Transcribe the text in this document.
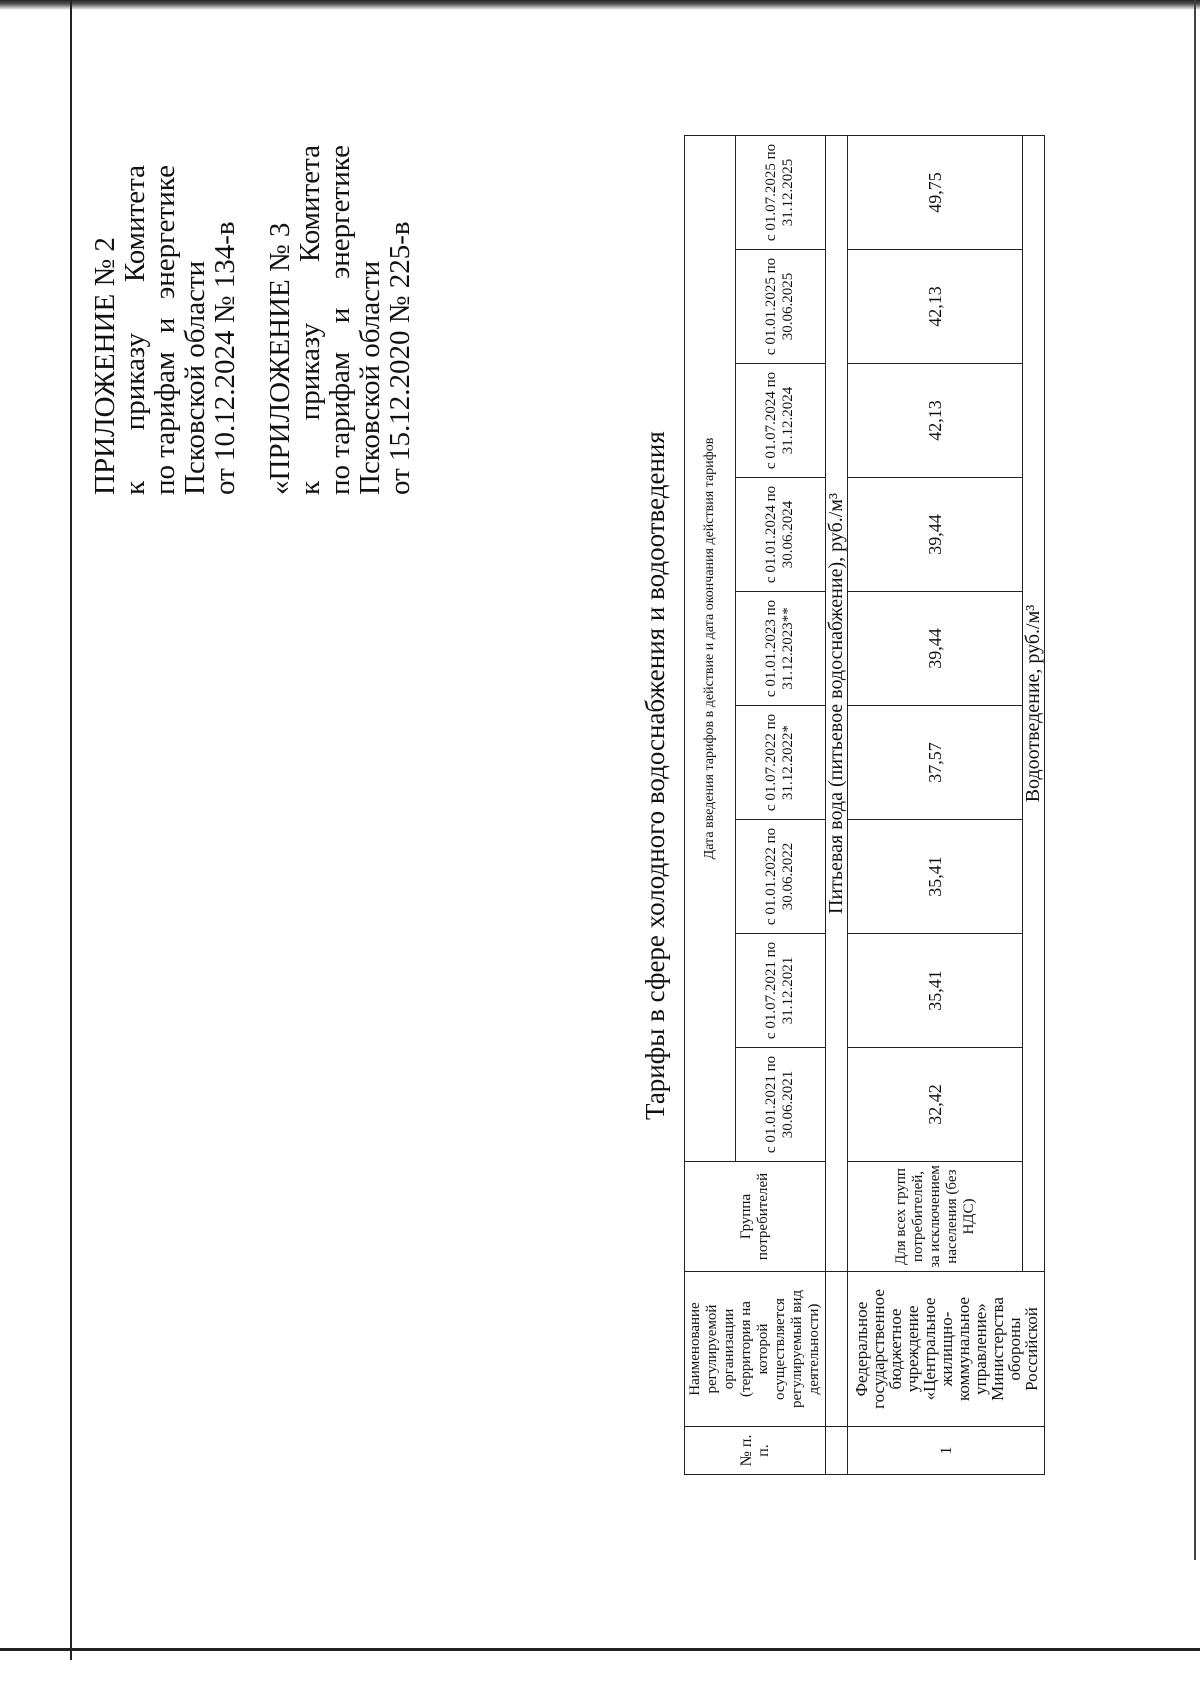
ПРИЛОЖЕНИЕ № 2
к
приказу
Комитета
по тарифам
и
энергетике
Псковской области
от 10.12.2024 № 134-в «ПРИЛОЖЕНИЕ № 3
к
приказу
Комитета
по тарифам
и
энергетике
Псковской области
от 15.12.2020 № 225-в
Тарифы в сфере холодного водоснабжения и водоотведения
№ п. п.	Наименование регулируемой организации (территория на которой осуществляется регулируемый вид деятельности)	Группа потребителей	Дата введения тарифов в действие и дата окончания действия тарифов								
			с 01.01.2021 по 30.06.2021	с 01.07.2021 по 31.12.2021	с 01.01.2022 по 30.06.2022	с 01.07.2022 по 31.12.2022*	с 01.01.2023 по 31.12.2023**	с 01.01.2024 по 30.06.2024	с 01.07.2024 по 31.12.2024	с 01.01.2025 по 30.06.2025	с 01.07.2025 по 31.12.2025
		Питьевая вода (питьевое водоснабжение), руб./м³									
1	Федеральное государственное бюджетное учреждение «Центральное жилищно-коммунальное управление» Министерства обороны Российской	Для всех групп потребителей, за исключением населения (без НДС)	32,42	35,41	35,41	37,57	39,44	39,44	42,13	42,13	49,75
		Водоотведение, руб./м³									
